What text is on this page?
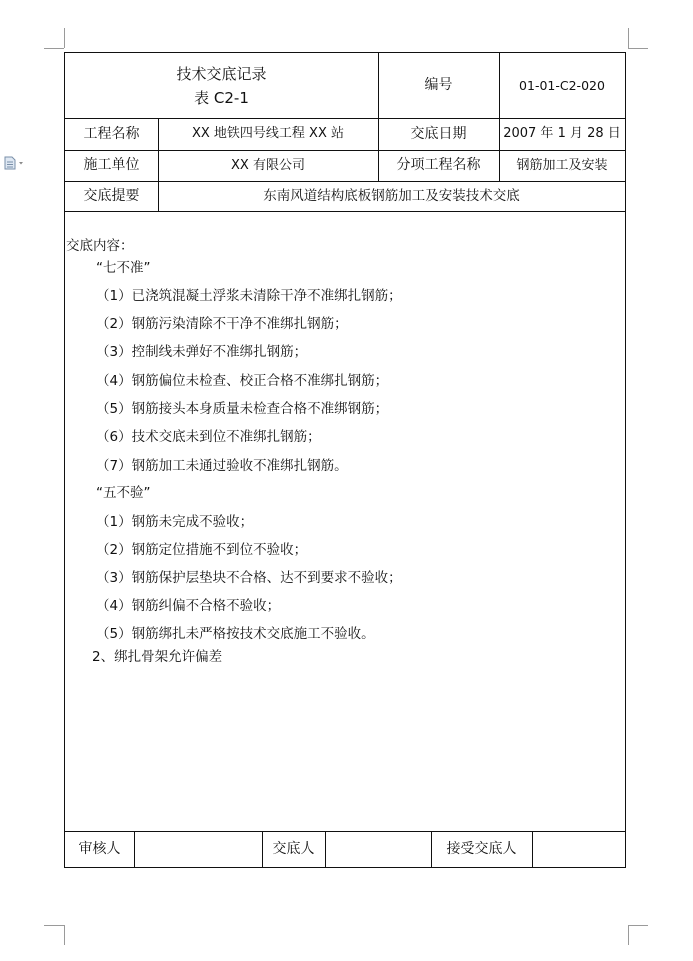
技术交底记录
表 C2-1
编号	01-01-C2-020
工程名称	XX 地铁四号线工程 XX 站	交底日期	2007 年 1 月 28 日
施工单位	XX 有限公司	分项工程名称	钢筋加工及安装
交底提要	东南风道结构底板钢筋加工及安装技术交底
交底内容：
“七不准”
（1）已浇筑混凝土浮浆未清除干净不准绑扎钢筋；
（2）钢筋污染清除不干净不准绑扎钢筋；
（3）控制线未弹好不准绑扎钢筋；
（4）钢筋偏位未检查、校正合格不准绑扎钢筋；
（5）钢筋接头本身质量未检查合格不准绑钢筋；
（6）技术交底未到位不准绑扎钢筋；
（7）钢筋加工未通过验收不准绑扎钢筋。
“五不验”
（1）钢筋未完成不验收；
（2）钢筋定位措施不到位不验收；
（3）钢筋保护层垫块不合格、达不到要求不验收；
（4）钢筋纠偏不合格不验收；
（5）钢筋绑扎未严格按技术交底施工不验收。
2、绑扎骨架允许偏差
审核人	交底人	接受交底人
